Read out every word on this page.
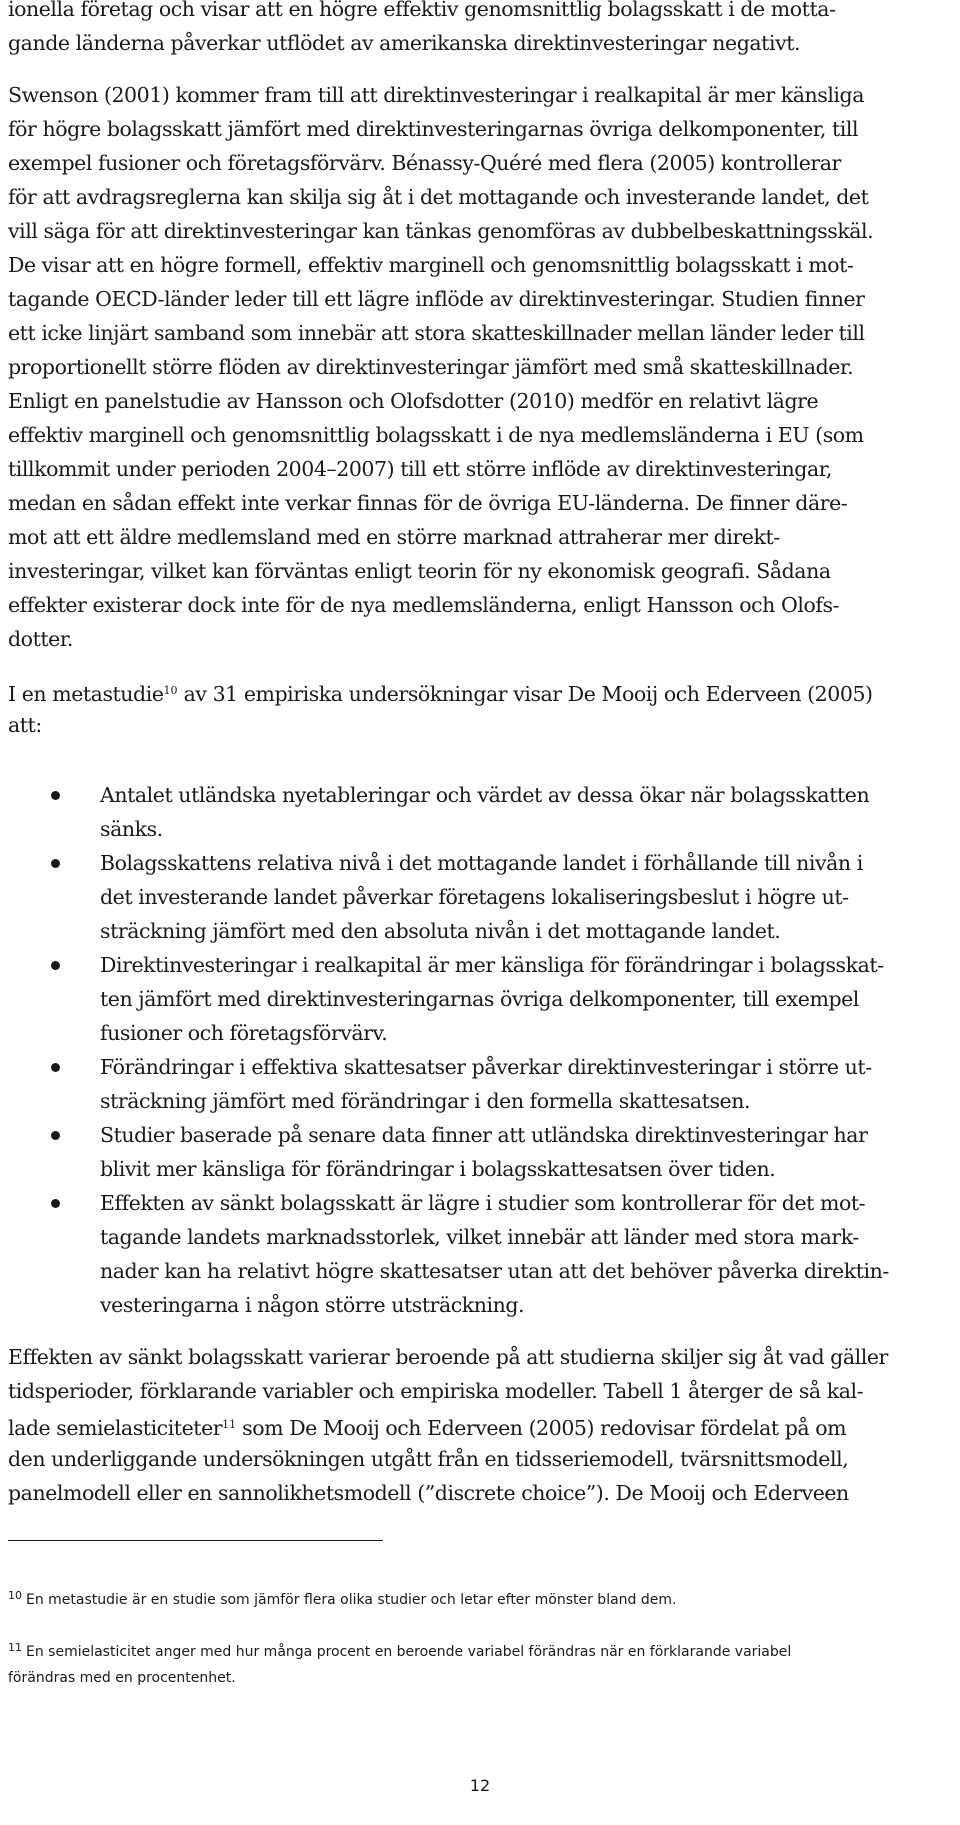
ionella företag och visar att en högre effektiv genomsnittlig bolagsskatt i de motta-
gande länderna påverkar utflödet av amerikanska direktinvesteringar negativt.
Swenson (2001) kommer fram till att direktinvesteringar i realkapital är mer känsliga
för högre bolagsskatt jämfört med direktinvesteringarnas övriga delkomponenter, till
exempel fusioner och företagsförvärv. Bénassy-Quéré med flera (2005) kontrollerar
för att avdragsreglerna kan skilja sig åt i det mottagande och investerande landet, det
vill säga för att direktinvesteringar kan tänkas genomföras av dubbelbeskattningsskäl.
De visar att en högre formell, effektiv marginell och genomsnittlig bolagsskatt i mot-
tagande OECD-länder leder till ett lägre inflöde av direktinvesteringar. Studien finner
ett icke linjärt samband som innebär att stora skatteskillnader mellan länder leder till
proportionellt större flöden av direktinvesteringar jämfört med små skatteskillnader.
Enligt en panelstudie av Hansson och Olofsdotter (2010) medför en relativt lägre
effektiv marginell och genomsnittlig bolagsskatt i de nya medlemsländerna i EU (som
tillkommit under perioden 2004–2007) till ett större inflöde av direktinvesteringar,
medan en sådan effekt inte verkar finnas för de övriga EU-länderna. De finner däre-
mot att ett äldre medlemsland med en större marknad attraherar mer direkt-
investeringar, vilket kan förväntas enligt teorin för ny ekonomisk geografi. Sådana
effekter existerar dock inte för de nya medlemsländerna, enligt Hansson och Olofs-
dotter.
I en metastudie$^{10}$ av 31 empiriska undersökningar visar De Mooij och Ederveen (2005)
att:
Antalet utländska nyetableringar och värdet av dessa ökar när bolagsskatten
sänks.
Bolagsskattens relativa nivå i det mottagande landet i förhållande till nivån i
det investerande landet påverkar företagens lokaliseringsbeslut i högre ut-
sträckning jämfört med den absoluta nivån i det mottagande landet.
Direktinvesteringar i realkapital är mer känsliga för förändringar i bolagsskat-
ten jämfört med direktinvesteringarnas övriga delkomponenter, till exempel
fusioner och företagsförvärv.
Förändringar i effektiva skattesatser påverkar direktinvesteringar i större ut-
sträckning jämfört med förändringar i den formella skattesatsen.
Studier baserade på senare data finner att utländska direktinvesteringar har
blivit mer känsliga för förändringar i bolagsskattesatsen över tiden.
Effekten av sänkt bolagsskatt är lägre i studier som kontrollerar för det mot-
tagande landets marknadsstorlek, vilket innebär att länder med stora mark-
nader kan ha relativt högre skattesatser utan att det behöver påverka direktin-
vesteringarna i någon större utsträckning.
Effekten av sänkt bolagsskatt varierar beroende på att studierna skiljer sig åt vad gäller
tidsperioder, förklarande variabler och empiriska modeller. Tabell 1 återger de så kal-
lade semielasticiteter$^{11}$ som De Mooij och Ederveen (2005) redovisar fördelat på om
den underliggande undersökningen utgått från en tidsseriemodell, tvärsnittsmodell,
panelmodell eller en sannolikhetsmodell (”discrete choice”). De Mooij och Ederveen
$^{10}$ En metastudie är en studie som jämför flera olika studier och letar efter mönster bland dem.
$^{11}$ En semielasticitet anger med hur många procent en beroende variabel förändras när en förklarande variabel
förändras med en procentenhet.
12
